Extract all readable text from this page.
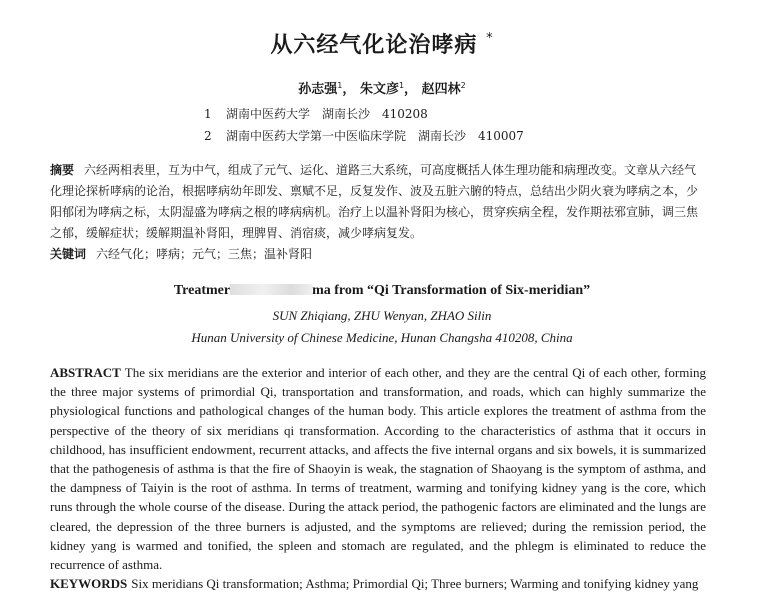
从六经气化论治哮病 *
孙志强$^1$， 朱文彦$^1$， 赵四林$^2$
1 湖南中医药大学　湖南长沙　410208
2 湖南中医药大学第一中医临床学院　湖南长沙　410007
摘要 六经两相表里，互为中气，组成了元气、运化、道路三大系统，可高度概括人体生理功能和病理改变。文章从六经气化理论探析哮病的论治，根据哮病幼年即发、禀赋不足，反复发作、波及五脏六腑的特点，总结出少阴火衰为哮病之本，少阳郁闭为哮病之标，太阴湿盛为哮病之根的哮病病机。治疗上以温补肾阳为核心，贯穿疾病全程，发作期祛邪宣肺，调三焦之郁，缓解症状；缓解期温补肾阳，理脾胃、消宿痰，减少哮病复发。
关键词 六经气化；哮病；元气；三焦；温补肾阳
Treatmer	ma from “Qi Transformation of Six-meridian”
SUN Zhiqiang, ZHU Wenyan, ZHAO Silin
Hunan University of Chinese Medicine, Hunan Changsha 410208, China
ABSTRACT The six meridians are the exterior and interior of each other, and they are the central Qi of each other, forming the three major systems of primordial Qi, transportation and transformation, and roads, which can highly summarize the physiological functions and pathological changes of the human body. This article explores the treatment of asthma from the perspective of the theory of six meridians qi transformation. According to the characteristics of asthma that it occurs in childhood, has insufficient endowment, recurrent attacks, and affects the five internal organs and six bowels, it is summarized that the pathogenesis of asthma is that the fire of Shaoyin is weak, the stagnation of Shaoyang is the symptom of asthma, and the dampness of Taiyin is the root of asthma. In terms of treatment, warming and tonifying kidney yang is the core, which runs through the whole course of the disease. During the attack period, the pathogenic factors are eliminated and the lungs are cleared, the depression of the three burners is adjusted, and the symptoms are relieved; during the remission period, the kidney yang is warmed and tonified, the spleen and stomach are regulated, and the phlegm is eliminated to reduce the recurrence of asthma.
KEYWORDS Six meridians Qi transformation; Asthma; Primordial Qi; Three burners; Warming and tonifying kidney yang
